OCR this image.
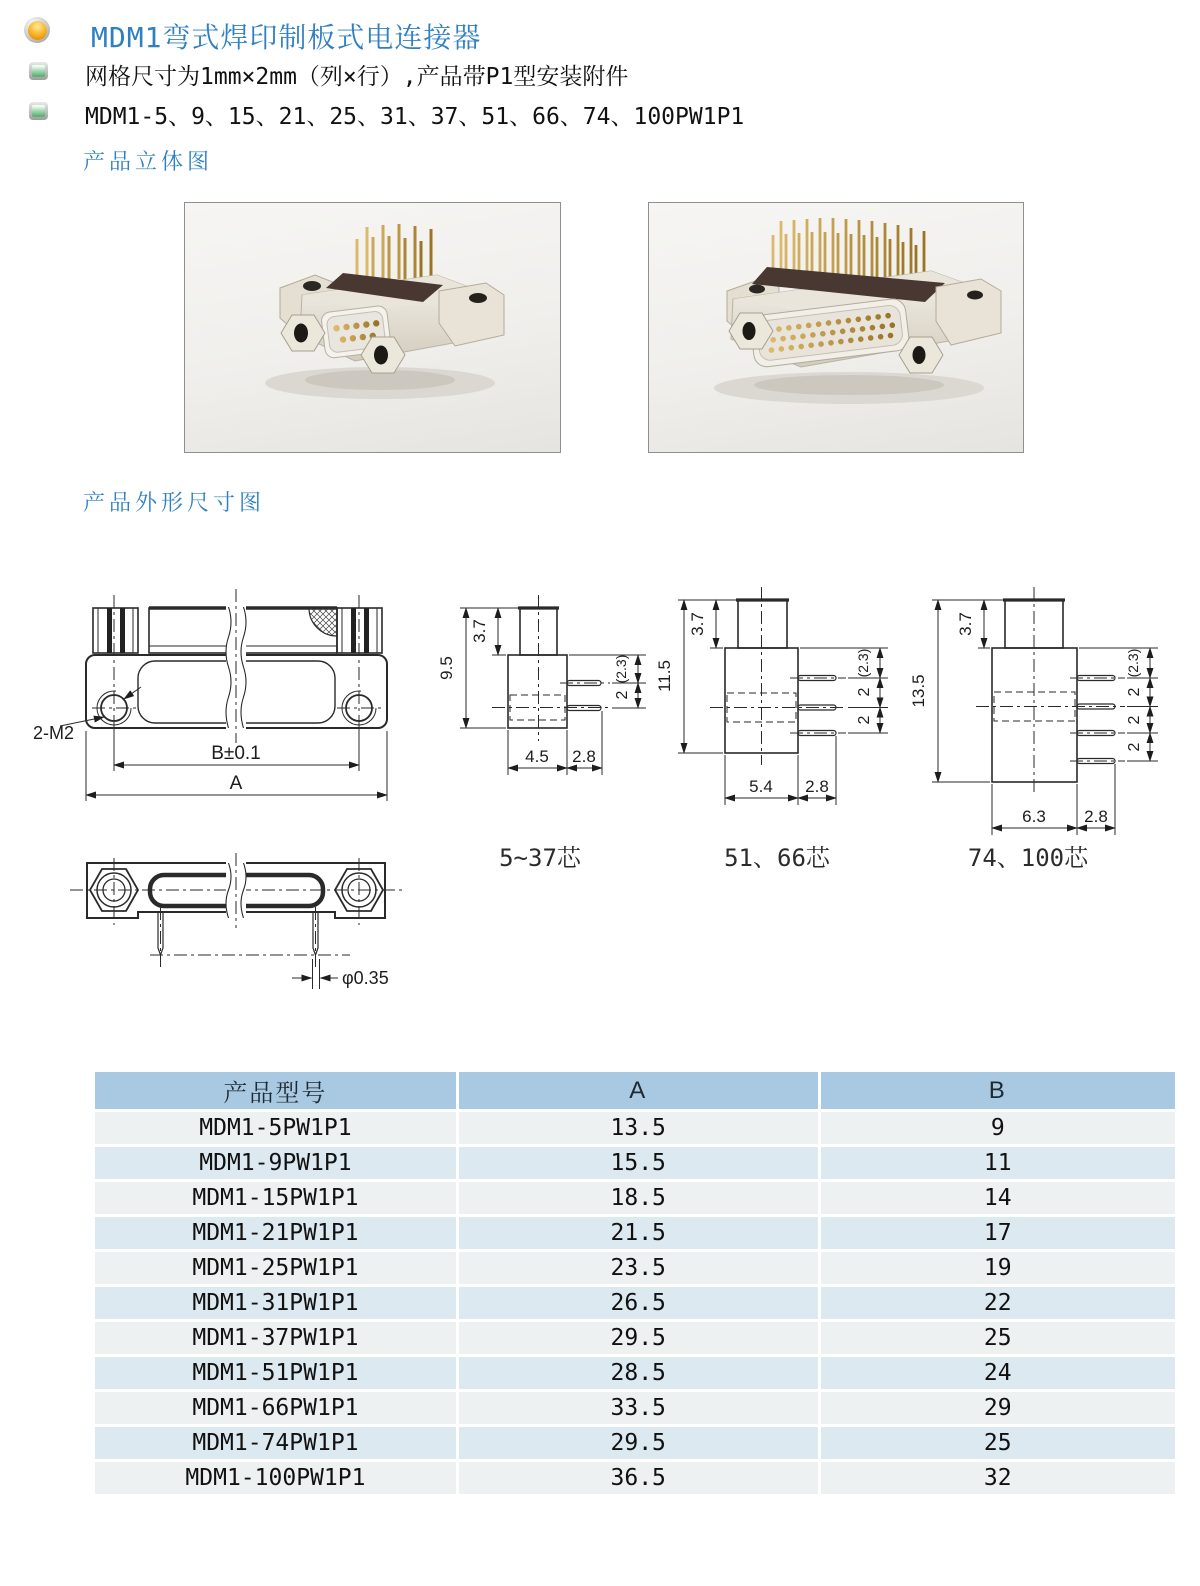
MDM1弯式焊印制板式电连接器
网格尺寸为1mm×2mm（列×行）,产品带P1型安装附件
MDM1-5、9、15、21、25、31、37、51、66、74、100PW1P1
产品立体图
产品外形尺寸图
2-M2
B±0.1
A
φ0.35
9.5
3.7
(2.3)
2
4.5 2.8
11.5
3.7
(2.3)
2
2
5.4 2.8
13.5
3.7
(2.3)
2
2
2
6.3 2.8
5~37芯	51、66芯	74、100芯
产品型号	A	B
MDM1-5PW1P1	13.5	9
MDM1-9PW1P1	15.5	11
MDM1-15PW1P1	18.5	14
MDM1-21PW1P1	21.5	17
MDM1-25PW1P1	23.5	19
MDM1-31PW1P1	26.5	22
MDM1-37PW1P1	29.5	25
MDM1-51PW1P1	28.5	24
MDM1-66PW1P1	33.5	29
MDM1-74PW1P1	29.5	25
MDM1-100PW1P1	36.5	32
